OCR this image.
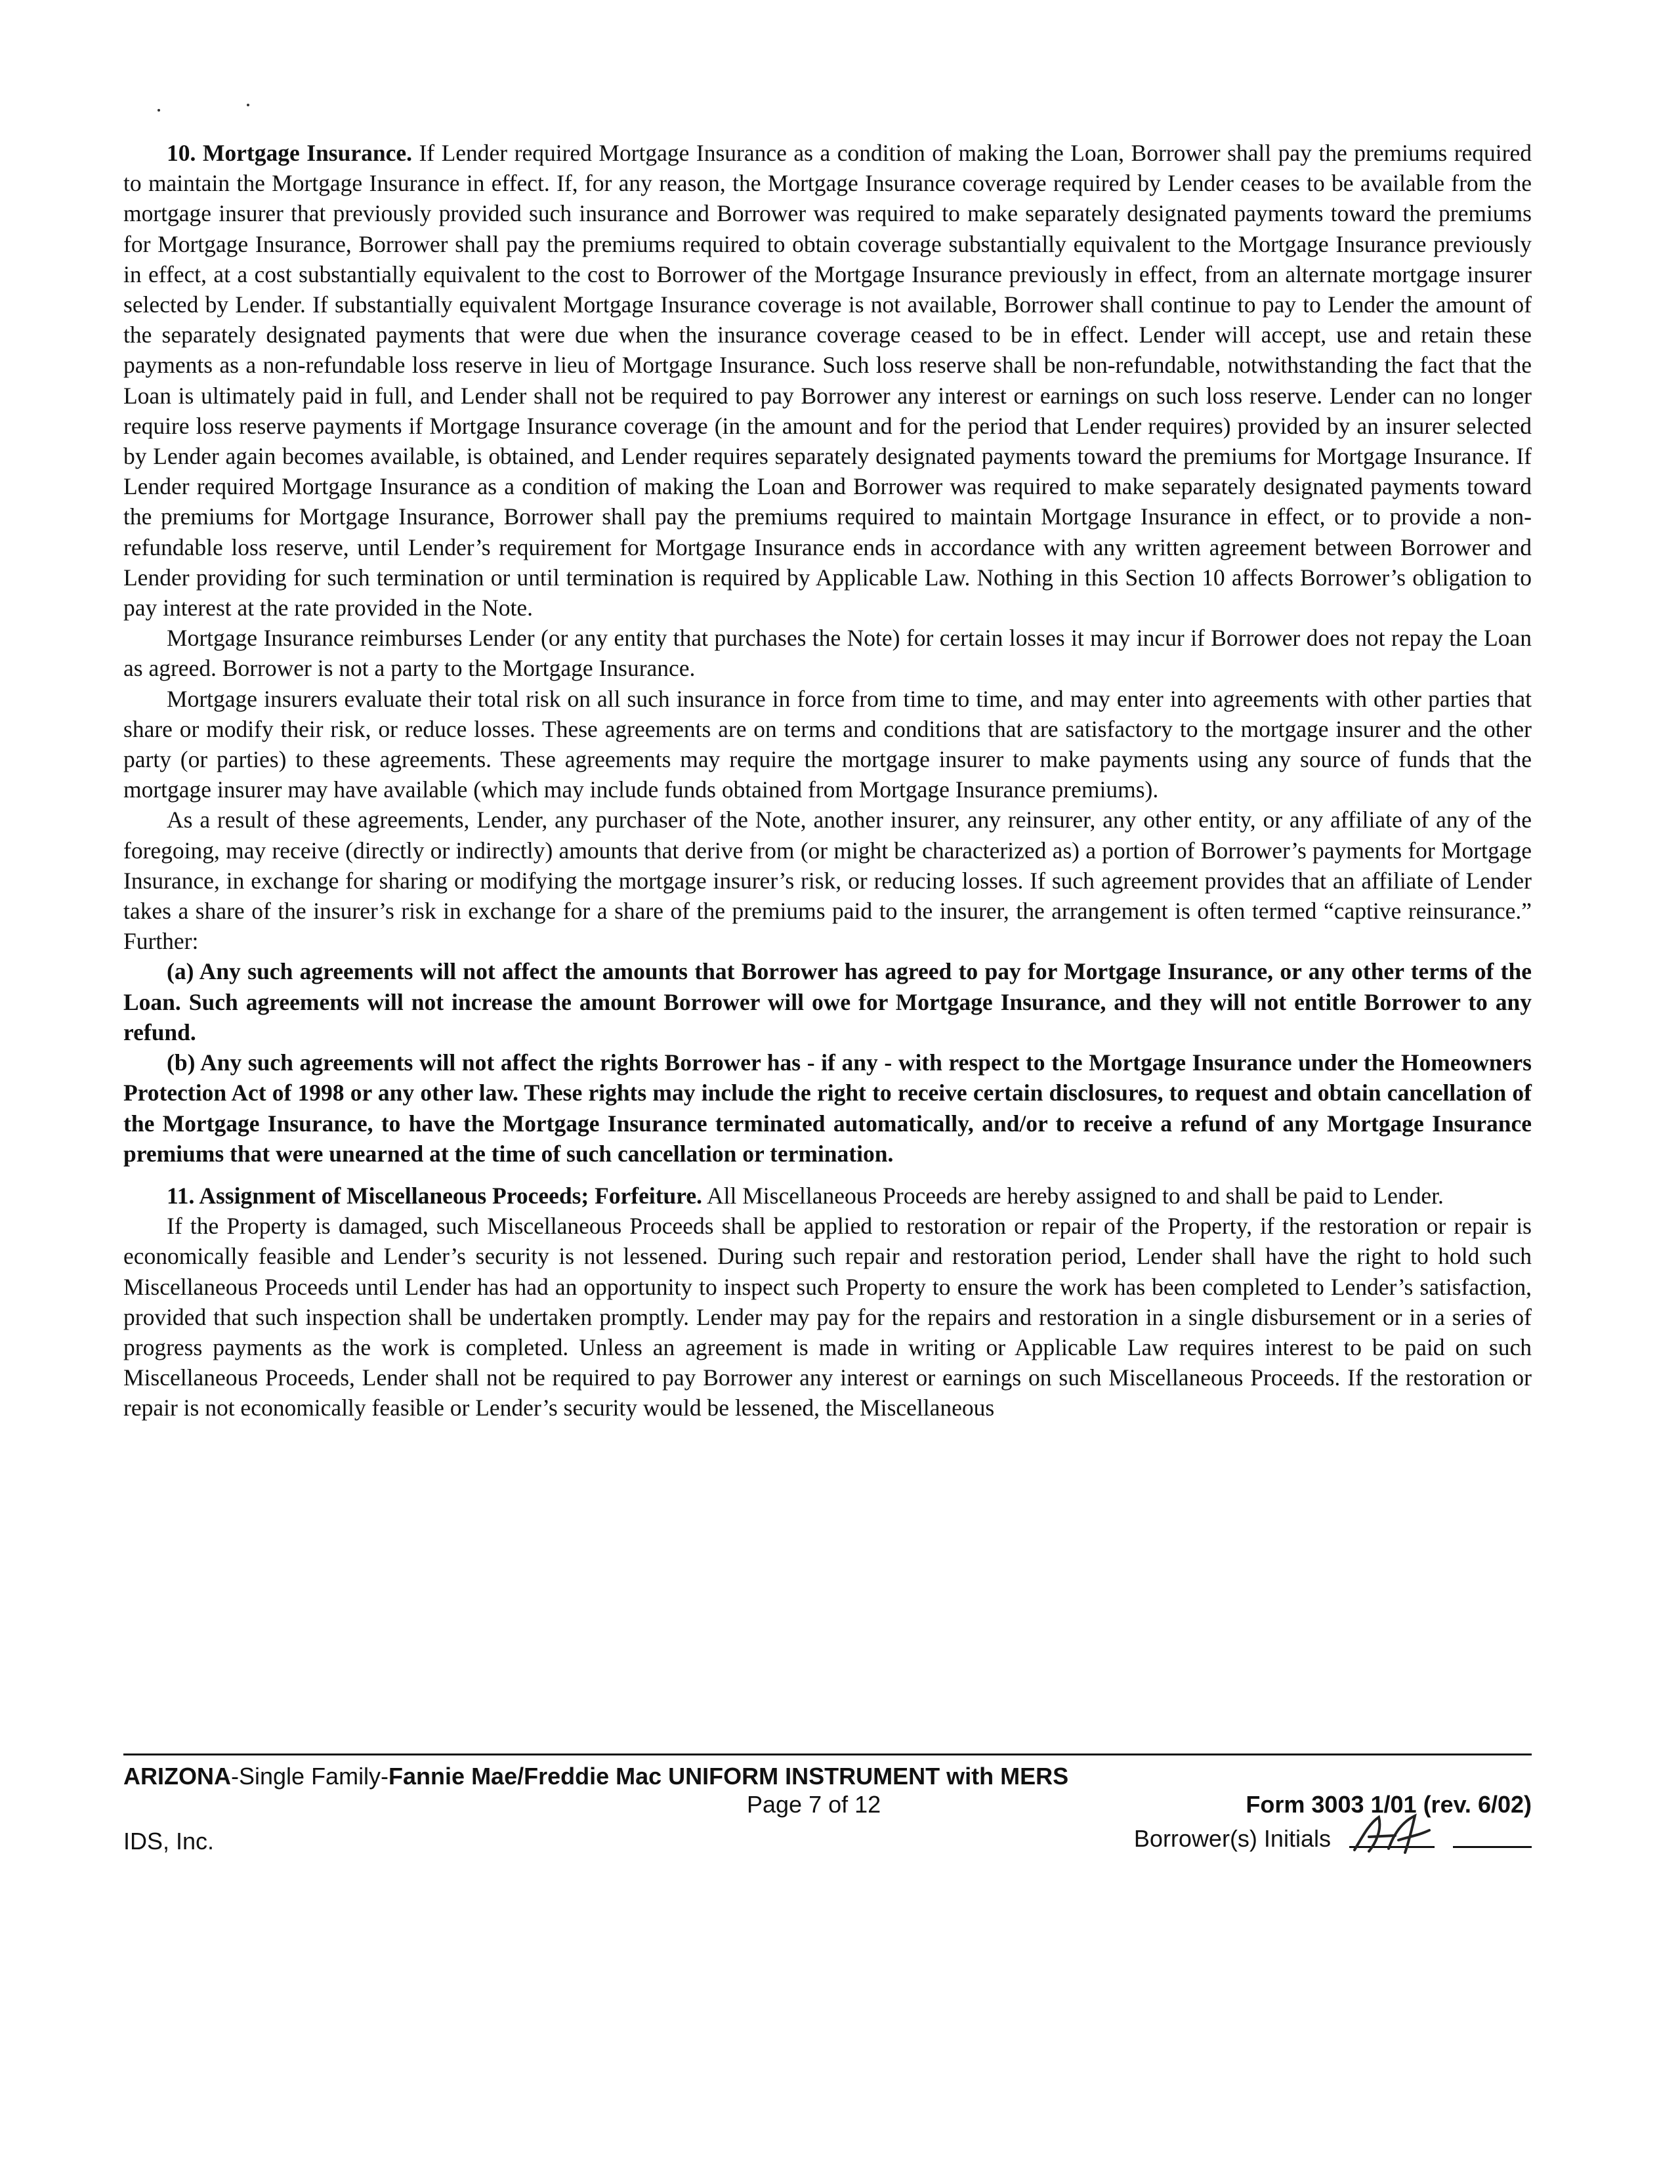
10. Mortgage Insurance. If Lender required Mortgage Insurance as a condition of making the Loan, Borrower shall pay the premiums required to maintain the Mortgage Insurance in effect. If, for any reason, the Mortgage Insurance coverage required by Lender ceases to be available from the mortgage insurer that previously provided such insurance and Borrower was required to make separately designated payments toward the premiums for Mortgage Insurance, Borrower shall pay the premiums required to obtain coverage substantially equivalent to the Mortgage Insurance previously in effect, at a cost substantially equivalent to the cost to Borrower of the Mortgage Insurance previously in effect, from an alternate mortgage insurer selected by Lender. If substantially equivalent Mortgage Insurance coverage is not available, Borrower shall continue to pay to Lender the amount of the separately designated payments that were due when the insurance coverage ceased to be in effect. Lender will accept, use and retain these payments as a non-refundable loss reserve in lieu of Mortgage Insurance. Such loss reserve shall be non-refundable, notwithstanding the fact that the Loan is ultimately paid in full, and Lender shall not be required to pay Borrower any interest or earnings on such loss reserve. Lender can no longer require loss reserve payments if Mortgage Insurance coverage (in the amount and for the period that Lender requires) provided by an insurer selected by Lender again becomes available, is obtained, and Lender requires separately designated payments toward the premiums for Mortgage Insurance. If Lender required Mortgage Insurance as a condition of making the Loan and Borrower was required to make separately designated payments toward the premiums for Mortgage Insurance, Borrower shall pay the premiums required to maintain Mortgage Insurance in effect, or to provide a non-refundable loss reserve, until Lender’s requirement for Mortgage Insurance ends in accordance with any written agreement between Borrower and Lender providing for such termination or until termination is required by Applicable Law. Nothing in this Section 10 affects Borrower’s obligation to pay interest at the rate provided in the Note.

Mortgage Insurance reimburses Lender (or any entity that purchases the Note) for certain losses it may incur if Borrower does not repay the Loan as agreed. Borrower is not a party to the Mortgage Insurance.

Mortgage insurers evaluate their total risk on all such insurance in force from time to time, and may enter into agreements with other parties that share or modify their risk, or reduce losses. These agreements are on terms and conditions that are satisfactory to the mortgage insurer and the other party (or parties) to these agreements. These agreements may require the mortgage insurer to make payments using any source of funds that the mortgage insurer may have available (which may include funds obtained from Mortgage Insurance premiums).

As a result of these agreements, Lender, any purchaser of the Note, another insurer, any reinsurer, any other entity, or any affiliate of any of the foregoing, may receive (directly or indirectly) amounts that derive from (or might be characterized as) a portion of Borrower’s payments for Mortgage Insurance, in exchange for sharing or modifying the mortgage insurer’s risk, or reducing losses. If such agreement provides that an affiliate of Lender takes a share of the insurer’s risk in exchange for a share of the premiums paid to the insurer, the arrangement is often termed “captive reinsurance.” Further:

(a) Any such agreements will not affect the amounts that Borrower has agreed to pay for Mortgage Insurance, or any other terms of the Loan. Such agreements will not increase the amount Borrower will owe for Mortgage Insurance, and they will not entitle Borrower to any refund.

(b) Any such agreements will not affect the rights Borrower has - if any - with respect to the Mortgage Insurance under the Homeowners Protection Act of 1998 or any other law. These rights may include the right to receive certain disclosures, to request and obtain cancellation of the Mortgage Insurance, to have the Mortgage Insurance terminated automatically, and/or to receive a refund of any Mortgage Insurance premiums that were unearned at the time of such cancellation or termination.

11. Assignment of Miscellaneous Proceeds; Forfeiture. All Miscellaneous Proceeds are hereby assigned to and shall be paid to Lender.

If the Property is damaged, such Miscellaneous Proceeds shall be applied to restoration or repair of the Property, if the restoration or repair is economically feasible and Lender’s security is not lessened. During such repair and restoration period, Lender shall have the right to hold such Miscellaneous Proceeds until Lender has had an opportunity to inspect such Property to ensure the work has been completed to Lender’s satisfaction, provided that such inspection shall be undertaken promptly. Lender may pay for the repairs and restoration in a single disbursement or in a series of progress payments as the work is completed. Unless an agreement is made in writing or Applicable Law requires interest to be paid on such Miscellaneous Proceeds, Lender shall not be required to pay Borrower any interest or earnings on such Miscellaneous Proceeds. If the restoration or repair is not economically feasible or Lender’s security would be lessened, the Miscellaneous

ARIZONA-Single Family-Fannie Mae/Freddie Mac UNIFORM INSTRUMENT with MERS
Page 7 of 12	Form 3003 1/01 (rev. 6/02)
IDS, Inc.	Borrower(s) Initials
